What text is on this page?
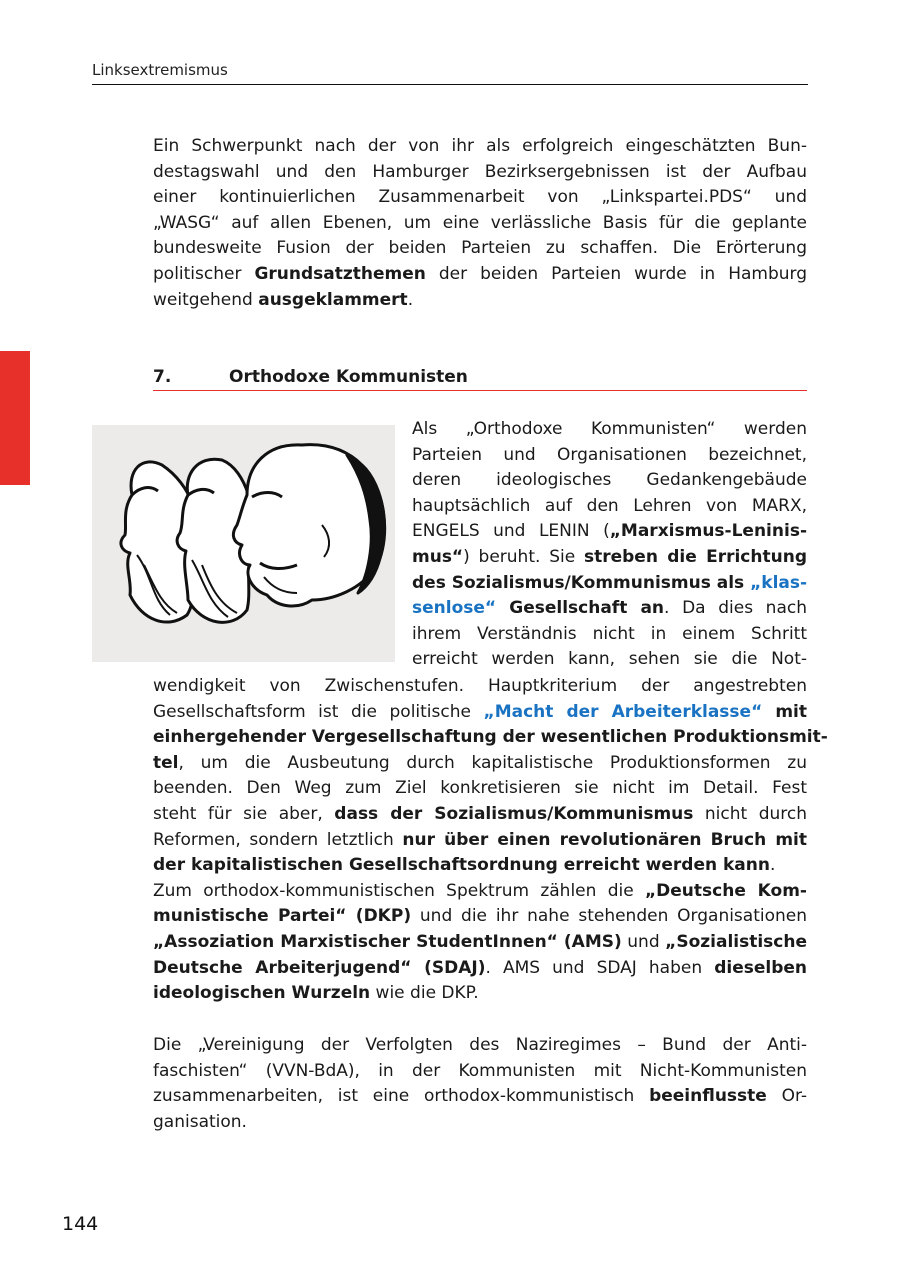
Linksextremismus
Ein Schwerpunkt nach der von ihr als erfolgreich eingeschätzten Bun-
destagswahl und den Hamburger Bezirksergebnissen ist der Aufbau
einer kontinuierlichen Zusammenarbeit von „Linkspartei.PDS“ und
„WASG“ auf allen Ebenen, um eine verlässliche Basis für die geplante
bundesweite Fusion der beiden Parteien zu schaffen. Die Erörterung
politischer Grundsatzthemen der beiden Parteien wurde in Hamburg
weitgehend ausgeklammert.
7.	Orthodoxe Kommunisten
Als „Orthodoxe Kommunisten“ werden
Parteien und Organisationen bezeichnet,
deren ideologisches Gedankengebäude
hauptsächlich auf den Lehren von MARX,
ENGELS und LENIN („Marxismus-Leninis-
mus“) beruht. Sie streben die Errichtung
des Sozialismus/Kommunismus als „klas-
senlose“ Gesellschaft an. Da dies nach
ihrem Verständnis nicht in einem Schritt
erreicht werden kann, sehen sie die Not-
wendigkeit von Zwischenstufen. Hauptkriterium der angestrebten
Gesellschaftsform ist die politische „Macht der Arbeiterklasse“ mit
einhergehender Vergesellschaftung der wesentlichen Produktionsmit-
tel, um die Ausbeutung durch kapitalistische Produktionsformen zu
beenden. Den Weg zum Ziel konkretisieren sie nicht im Detail. Fest
steht für sie aber, dass der Sozialismus/Kommunismus nicht durch
Reformen, sondern letztlich nur über einen revolutionären Bruch mit
der kapitalistischen Gesellschaftsordnung erreicht werden kann.
Zum orthodox-kommunistischen Spektrum zählen die „Deutsche Kom-
munistische Partei“ (DKP) und die ihr nahe stehenden Organisationen
„Assoziation Marxistischer StudentInnen“ (AMS) und „Sozialistische
Deutsche Arbeiterjugend“ (SDAJ). AMS und SDAJ haben dieselben
ideologischen Wurzeln wie die DKP.
Die „Vereinigung der Verfolgten des Naziregimes – Bund der Anti-
faschisten“ (VVN-BdA), in der Kommunisten mit Nicht-Kommunisten
zusammenarbeiten, ist eine orthodox-kommunistisch beeinflusste Or-
ganisation.
144
